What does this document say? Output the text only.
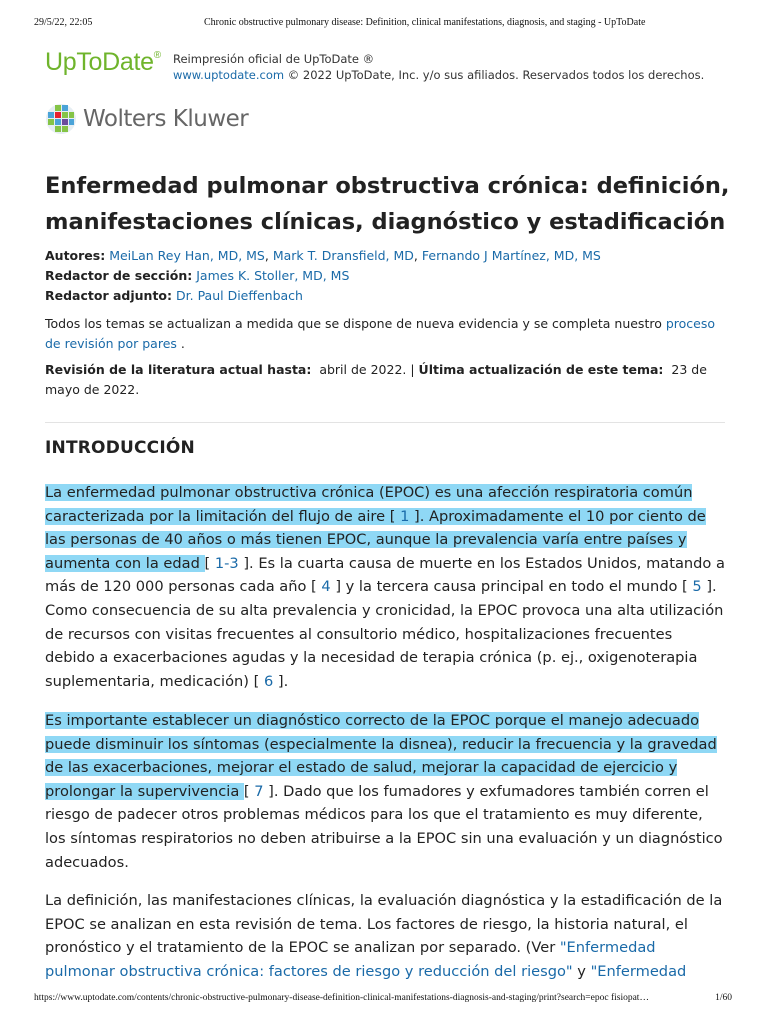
29/5/22, 22:05	Chronic obstructive pulmonary disease: Definition, clinical manifestations, diagnosis, and staging - UpToDate
UpToDate® Reimpresión oficial de UpToDate ®
www.uptodate.com © 2022 UpToDate, Inc. y/o sus afiliados. Reservados todos los derechos.
Wolters Kluwer
Enfermedad pulmonar obstructiva crónica: definición, manifestaciones clínicas, diagnóstico y estadificación
Autores: MeiLan Rey Han, MD, MS, Mark T. Dransfield, MD, Fernando J Martínez, MD, MS
Redactor de sección: James K. Stoller, MD, MS
Redactor adjunto: Dr. Paul Dieffenbach
Todos los temas se actualizan a medida que se dispone de nueva evidencia y se completa nuestro proceso de revisión por pares .
Revisión de la literatura actual hasta: abril de 2022. | Última actualización de este tema: 23 de mayo de 2022.
INTRODUCCIÓN

La enfermedad pulmonar obstructiva crónica (EPOC) es una afección respiratoria común caracterizada por la limitación del flujo de aire [ 1 ]. Aproximadamente el 10 por ciento de las personas de 40 años o más tienen EPOC, aunque la prevalencia varía entre países y aumenta con la edad [ 1-3 ]. Es la cuarta causa de muerte en los Estados Unidos, matando a más de 120 000 personas cada año [ 4 ] y la tercera causa principal en todo el mundo [ 5 ]. Como consecuencia de su alta prevalencia y cronicidad, la EPOC provoca una alta utilización de recursos con visitas frecuentes al consultorio médico, hospitalizaciones frecuentes debido a exacerbaciones agudas y la necesidad de terapia crónica (p. ej., oxigenoterapia suplementaria, medicación) [ 6 ].

Es importante establecer un diagnóstico correcto de la EPOC porque el manejo adecuado puede disminuir los síntomas (especialmente la disnea), reducir la frecuencia y la gravedad de las exacerbaciones, mejorar el estado de salud, mejorar la capacidad de ejercicio y prolongar la supervivencia [ 7 ]. Dado que los fumadores y exfumadores también corren el riesgo de padecer otros problemas médicos para los que el tratamiento es muy diferente, los síntomas respiratorios no deben atribuirse a la EPOC sin una evaluación y un diagnóstico adecuados.

La definición, las manifestaciones clínicas, la evaluación diagnóstica y la estadificación de la EPOC se analizan en esta revisión de tema. Los factores de riesgo, la historia natural, el pronóstico y el tratamiento de la EPOC se analizan por separado. (Ver "Enfermedad pulmonar obstructiva crónica: factores de riesgo y reducción del riesgo" y "Enfermedad

https://www.uptodate.com/contents/chronic-obstructive-pulmonary-disease-definition-clinical-manifestations-diagnosis-and-staging/print?search=epoc fisiopat…	1/60
